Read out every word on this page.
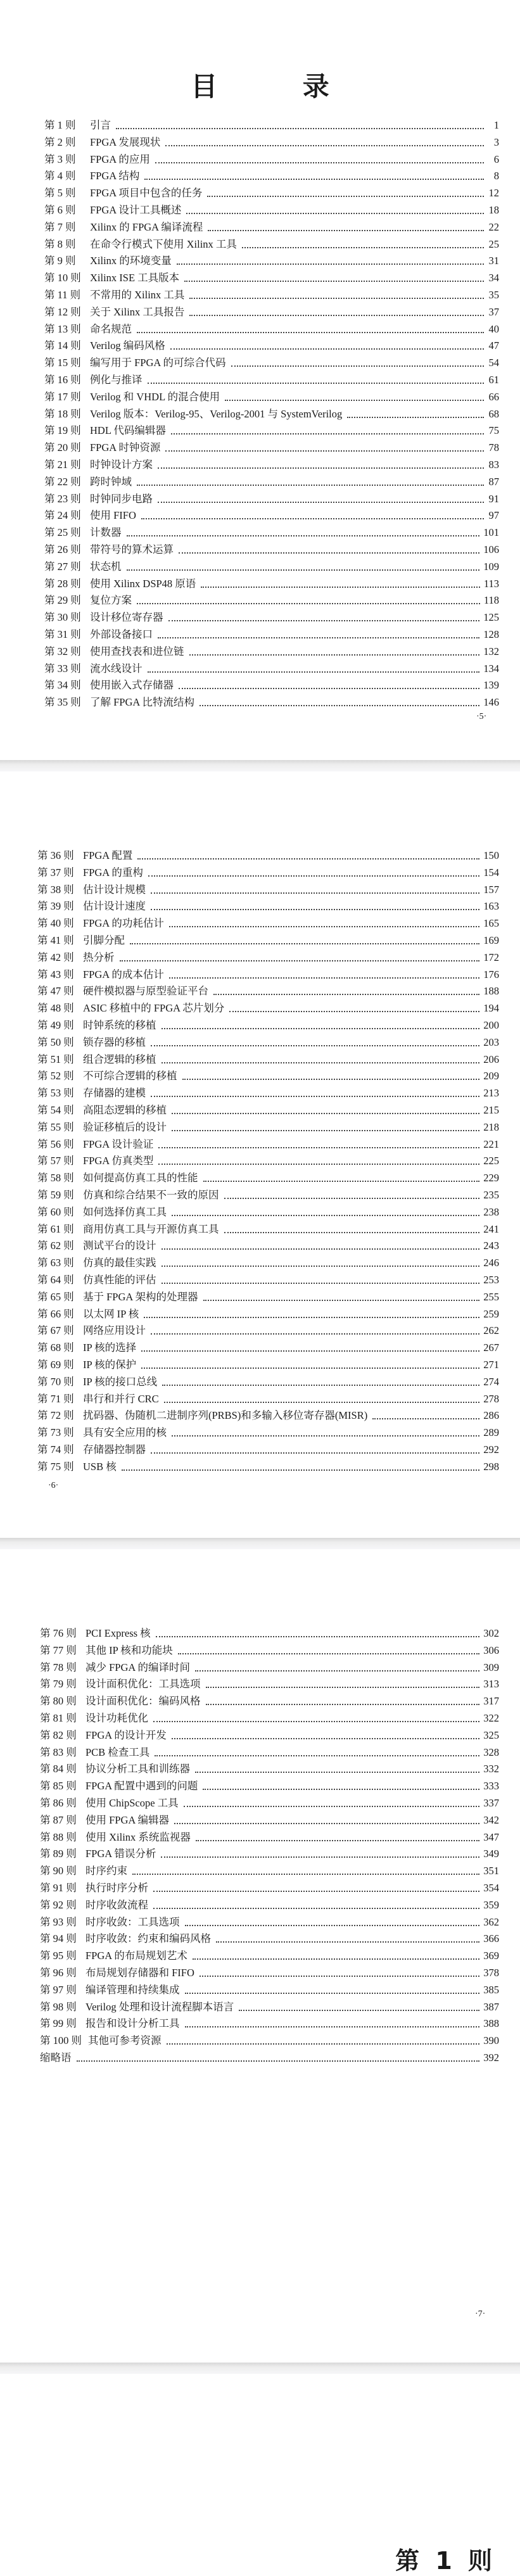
目 录
·5·
·6·
·7·
第 1 则
第 1 则	引言	1
第 2 则	FPGA 发展现状	3
第 3 则	FPGA 的应用	6
第 4 则	FPGA 结构	8
第 5 则	FPGA 项目中包含的任务	12
第 6 则	FPGA 设计工具概述	18
第 7 则	Xilinx 的 FPGA 编译流程	22
第 8 则	在命令行模式下使用 Xilinx 工具	25
第 9 则	Xilinx 的环境变量	31
第 10 则 Xilinx ISE 工具版本	34
第 11 则 不常用的 Xilinx 工具	35
第 12 则 关于 Xilinx 工具报告	37
第 13 则 命名规范	40
第 14 则 Verilog 编码风格	47
第 15 则 编写用于 FPGA 的可综合代码	54
第 16 则 例化与推译	61
第 17 则 Verilog 和 VHDL 的混合使用	66
第 18 则 Verilog 版本：Verilog-95、Verilog-2001 与 SystemVerilog	68
第 19 则 HDL 代码编辑器	75
第 20 则 FPGA 时钟资源	78
第 21 则 时钟设计方案	83
第 22 则 跨时钟域	87
第 23 则 时钟同步电路	91
第 24 则 使用 FIFO	97
第 25 则 计数器	101
第 26 则 带符号的算术运算	106
第 27 则 状态机	109
第 28 则 使用 Xilinx DSP48 原语	113
第 29 则 复位方案	118
第 30 则 设计移位寄存器	125
第 31 则 外部设备接口	128
第 32 则 使用查找表和进位链	132
第 33 则 流水线设计	134
第 34 则 使用嵌入式存储器	139
第 35 则 了解 FPGA 比特流结构	146
第 36 则 FPGA 配置	150
第 37 则 FPGA 的重构	154
第 38 则 估计设计规模	157
第 39 则 估计设计速度	163
第 40 则 FPGA 的功耗估计	165
第 41 则 引脚分配	169
第 42 则 热分析	172
第 43 则 FPGA 的成本估计	176
第 47 则 硬件模拟器与原型验证平台	188
第 48 则 ASIC 移植中的 FPGA 芯片划分	194
第 49 则 时钟系统的移植	200
第 50 则 锁存器的移植	203
第 51 则 组合逻辑的移植	206
第 52 则 不可综合逻辑的移植	209
第 53 则 存储器的建模	213
第 54 则 高阻态逻辑的移植	215
第 55 则 验证移植后的设计	218
第 56 则 FPGA 设计验证	221
第 57 则 FPGA 仿真类型	225
第 58 则 如何提高仿真工具的性能	229
第 59 则 仿真和综合结果不一致的原因	235
第 60 则 如何选择仿真工具	238
第 61 则 商用仿真工具与开源仿真工具	241
第 62 则 测试平台的设计	243
第 63 则 仿真的最佳实践	246
第 64 则 仿真性能的评估	253
第 65 则 基于 FPGA 架构的处理器	255
第 66 则 以太网 IP 核	259
第 67 则 网络应用设计	262
第 68 则 IP 核的选择	267
第 69 则 IP 核的保护	271
第 70 则 IP 核的接口总线	274
第 71 则 串行和并行 CRC	278
第 72 则 扰码器、伪随机二进制序列(PRBS)和多输入移位寄存器(MISR)	286
第 73 则 具有安全应用的核	289
第 74 则 存储器控制器	292
第 75 则 USB 核	298
第 76 则 PCI Express 核	302
第 77 则 其他 IP 核和功能块	306
第 78 则 减少 FPGA 的编译时间	309
第 79 则 设计面积优化：工具选项	313
第 80 则 设计面积优化：编码风格	317
第 81 则 设计功耗优化	322
第 82 则 FPGA 的设计开发	325
第 83 则 PCB 检查工具	328
第 84 则 协议分析工具和训练器	332
第 85 则 FPGA 配置中遇到的问题	333
第 86 则 使用 ChipScope 工具	337
第 87 则 使用 FPGA 编辑器	342
第 88 则 使用 Xilinx 系统监视器	347
第 89 则 FPGA 错误分析	349
第 90 则 时序约束	351
第 91 则 执行时序分析	354
第 92 则 时序收敛流程	359
第 93 则 时序收敛：工具选项	362
第 94 则 时序收敛：约束和编码风格	366
第 95 则 FPGA 的布局规划艺术	369
第 96 则 布局规划存储器和 FIFO	378
第 97 则 编译管理和持续集成	385
第 98 则 Verilog 处理和设计流程脚本语言	387
第 99 则 报告和设计分析工具	388
第 100 则 其他可参考资源	390
缩略语	392
